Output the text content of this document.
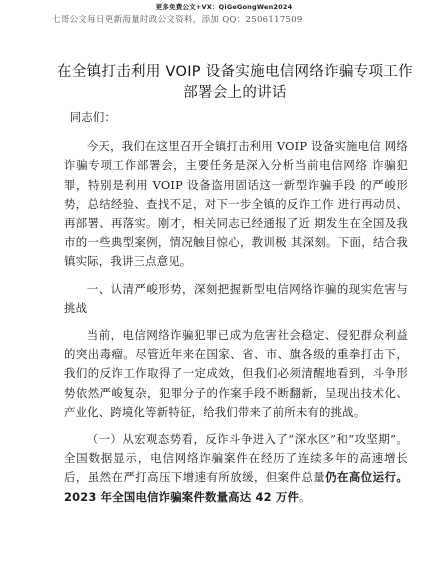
更多免费公文+VX：QiGeGongWen2024
七哥公文每日更新海量时政公文资料，添加 QQ：2506117509
在全镇打击利用 VOIP 设备实施电信网络诈骗专项工作部署会上的讲话

同志们：

今天，我们在这里召开全镇打击利用 VOIP 设备实施电信 网络诈骗专项工作部署会，主要任务是深入分析当前电信网络 诈骗犯罪，特别是利用 VOIP 设备盗用固话这一新型诈骗手段 的严峻形势，总结经验、查找不足，对下一步全镇的反诈工作 进行再动员、再部署、再落实。刚才，相关同志已经通报了近 期发生在全国及我市的一些典型案例，情况触目惊心，教训极 其深刻。下面，结合我镇实际，我讲三点意见。

一、认清严峻形势，深刻把握新型电信网络诈骗的现实危害与挑战

当前，电信网络诈骗犯罪已成为危害社会稳定、侵犯群众利益的突出毒瘤。尽管近年来在国家、省、市、旗各级的重拳打击下，我们的反诈工作取得了一定成效，但我们必须清醒地看到，斗争形势依然严峻复杂，犯罪分子的作案手段不断翻新，呈现出技术化、产业化、跨境化等新特征，给我们带来了前所未有的挑战。

（一）从宏观态势看，反诈斗争进入了“深水区”和“攻坚期”。全国数据显示，电信网络诈骗案件在经历了连续多年的高速增长后，虽然在严打高压下增速有所放缓，但案件总量仍在高位运行。2023 年全国电信诈骗案件数量高达 42 万件。
